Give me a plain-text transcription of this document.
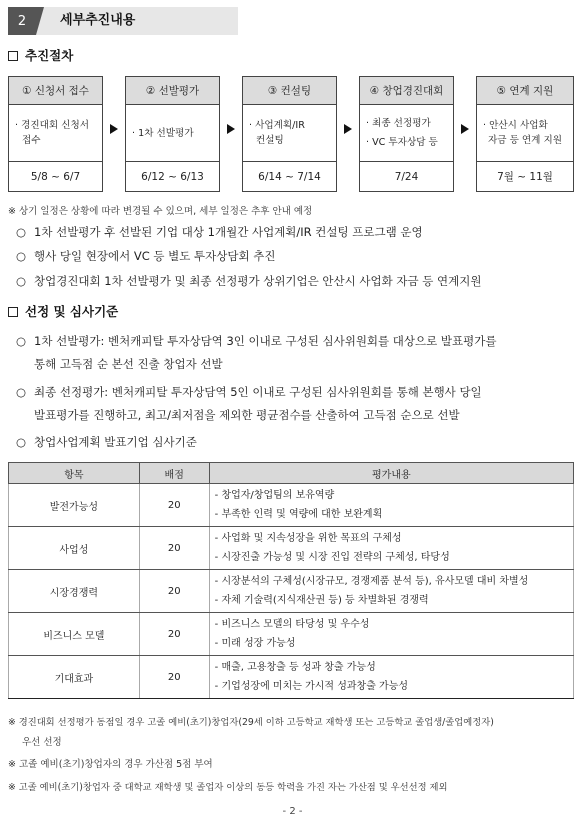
2	세부추진내용
추진절차
① 신청서 접수
· 경진대회 신청서
접수
5/8 ~ 6/7
② 선발평가
· 1차 선발평가
6/12 ~ 6/13
③ 컨설팅
· 사업계획/IR
컨설팅
6/14 ~ 7/14
④ 창업경진대회
· 최종 선정평가
· VC 투자상담 등
7/24
⑤ 연계 지원
· 안산시 사업화
자금 등 연계 지원
7월 ~ 11월
※ 상기 일정은 상황에 따라 변경될 수 있으며, 세부 일정은 추후 안내 예정
○ 1차 선발평가 후 선발된 기업 대상 1개월간 사업계획/IR 컨설팅 프로그램 운영
○ 행사 당일 현장에서 VC 등 별도 투자상담회 추진
○ 창업경진대회 1차 선발평가 및 최종 선정평가 상위기업은 안산시 사업화 자금 등 연계지원
선정 및 심사기준
○ 1차 선발평가: 벤처캐피탈 투자상담역 3인 이내로 구성된 심사위원회를 대상으로 발표평가를
통해 고득점 순 본선 진출 창업자 선발
○ 최종 선정평가: 벤처캐피탈 투자상담역 5인 이내로 구성된 심사위원회를 통해 본행사 당일
발표평가를 진행하고, 최고/최저점을 제외한 평균점수를 산출하여 고득점 순으로 선발
○ 창업사업계획 발표기업 심사기준
항목	배점	평가내용
발전가능성	20	- 창업자/창업팀의 보유역량
- 부족한 인력 및 역량에 대한 보완계획

사업성	20	- 사업화 및 지속성장을 위한 목표의 구체성
- 시장진출 가능성 및 시장 진입 전략의 구체성, 타당성

시장경쟁력	20	- 시장분석의 구체성(시장규모, 경쟁제품 분석 등), 유사모델 대비 차별성
- 자체 기술력(지식재산권 등) 등 차별화된 경쟁력

비즈니스 모델	20	- 비즈니스 모델의 타당성 및 우수성
- 미래 성장 가능성

기대효과	20	- 매출, 고용창출 등 성과 창출 가능성
- 기업성장에 미치는 가시적 성과창출 가능성
※ 경진대회 선정평가 동점일 경우 고졸 예비(초기)창업자(29세 이하 고등학교 재학생 또는 고등학교 졸업생/졸업예정자)
우선 선정
※ 고졸 예비(초기)창업자의 경우 가산점 5점 부여
※ 고졸 예비(초기)창업자 중 대학교 재학생 및 졸업자 이상의 동등 학력을 가진 자는 가산점 및 우선선정 제외
- 2 -
